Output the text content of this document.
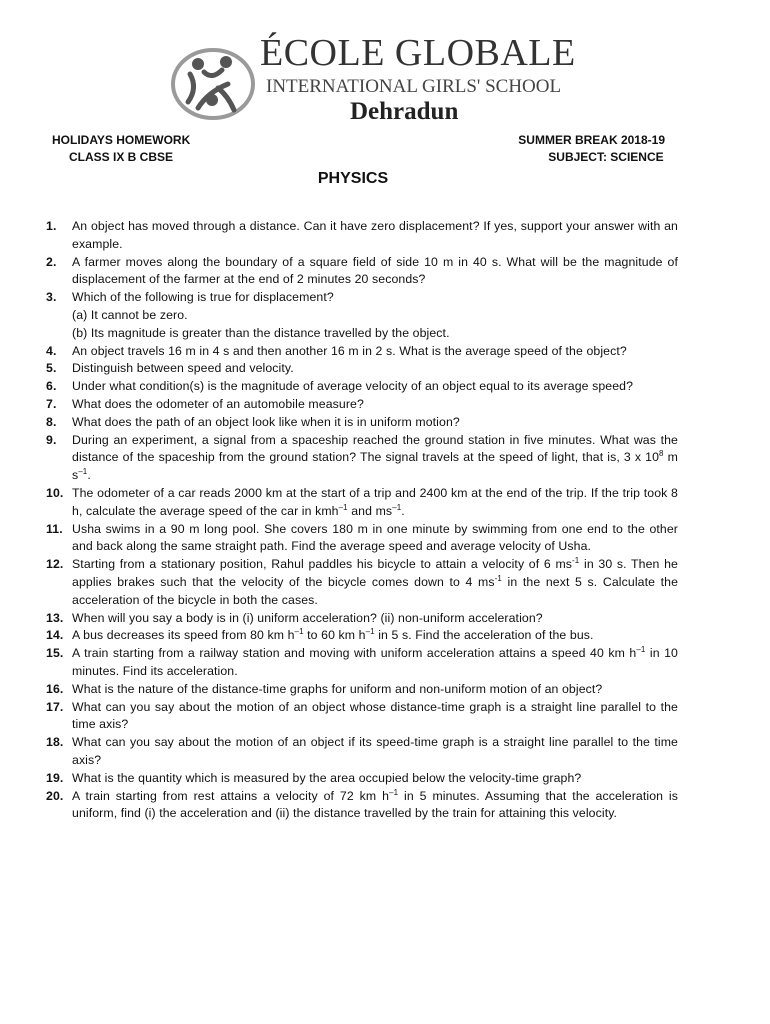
ÉCOLE GLOBALE
INTERNATIONAL GIRLS' SCHOOL
Dehradun
HOLIDAYS HOMEWORK
CLASS IX B CBSE
SUMMER BREAK 2018-19
SUBJECT: SCIENCE
PHYSICS
1.	An object has moved through a distance. Can it have zero displacement? If yes, support your answer with an example.
2.	A farmer moves along the boundary of a square field of side 10 m in 40 s. What will be the magnitude of displacement of the farmer at the end of 2 minutes 20 seconds?
3.	Which of the following is true for displacement?
(a) It cannot be zero.
(b) Its magnitude is greater than the distance travelled by the object.
4.	An object travels 16 m in 4 s and then another 16 m in 2 s. What is the average speed of the object?
5.	Distinguish between speed and velocity.
6.	Under what condition(s) is the magnitude of average velocity of an object equal to its average speed?
7.	What does the odometer of an automobile measure?
8.	What does the path of an object look like when it is in uniform motion?
9.	During an experiment, a signal from a spaceship reached the ground station in five minutes. What was the distance of the spaceship from the ground station? The signal travels at the speed of light, that is, 3 x $10^8$ m $s^{-1}$.
10. The odometer of a car reads 2000 km at the start of a trip and 2400 km at the end of the trip. If the trip took 8 h, calculate the average speed of the car in kmh$^{-1}$ and $ms^{-1}$.
11. Usha swims in a 90 m long pool. She covers 180 m in one minute by swimming from one end to the other and back along the same straight path. Find the average speed and average velocity of Usha.
12. Starting from a stationary position, Rahul paddles his bicycle to attain a velocity of 6 $ms^{-1}$ in 30 s. Then he applies brakes such that the velocity of the bicycle comes down to 4 $ms^{-1}$ in the next 5 s. Calculate the acceleration of the bicycle in both the cases.
13. When will you say a body is in (i) uniform acceleration? (ii) non-uniform acceleration?
14. A bus decreases its speed from 80 km $h^{-1}$ to 60 km $h^{-1}$ in 5 s. Find the acceleration of the bus.
15. A train starting from a railway station and moving with uniform acceleration attains a speed 40 km $h^{-1}$ in 10 minutes. Find its acceleration.
16. What is the nature of the distance-time graphs for uniform and non-uniform motion of an object?
17. What can you say about the motion of an object whose distance-time graph is a straight line parallel to the time axis?
18. What can you say about the motion of an object if its speed-time graph is a straight line parallel to the time axis?
19. What is the quantity which is measured by the area occupied below the velocity-time graph?
20. A train starting from rest attains a velocity of 72 km $h^{-1}$ in 5 minutes. Assuming that the acceleration is uniform, find (i) the acceleration and (ii) the distance travelled by the train for attaining this velocity.
